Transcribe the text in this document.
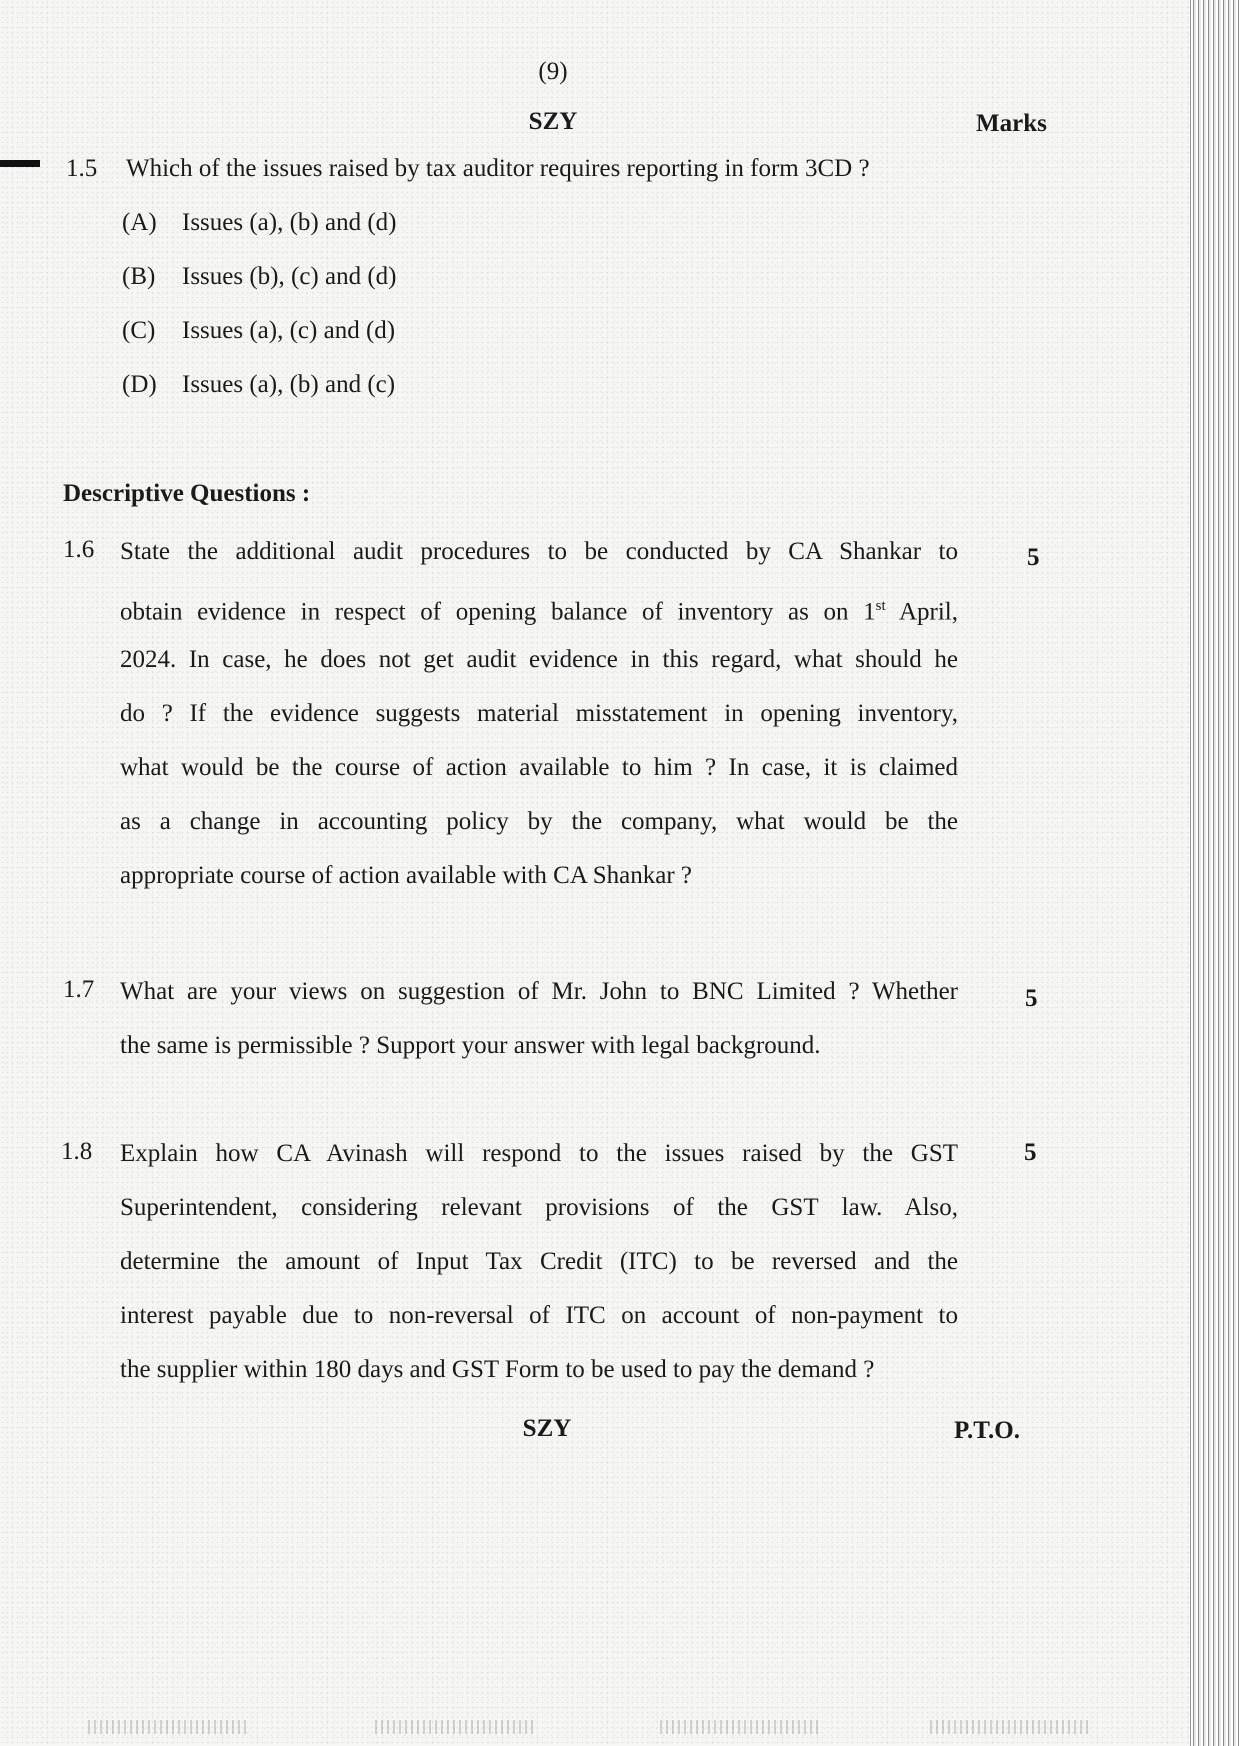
(9)
SZY	Marks
1.5 Which of the issues raised by tax auditor requires reporting in form 3CD ?
(A) Issues (a), (b) and (d)
(B) Issues (b), (c) and (d)
(C) Issues (a), (c) and (d)
(D) Issues (a), (b) and (c)
Descriptive Questions :
1.6	5
State the additional audit procedures to be conducted by CA Shankar to
obtain evidence in respect of opening balance of inventory as on 1st April,
2024. In case, he does not get audit evidence in this regard, what should he
do ? If the evidence suggests material misstatement in opening inventory,
what would be the course of action available to him ? In case, it is claimed
as a change in accounting policy by the company, what would be the
appropriate course of action available with CA Shankar ?
1.7	5
What are your views on suggestion of Mr. John to BNC Limited ? Whether
the same is permissible ? Support your answer with legal background.
1.8	5
Explain how CA Avinash will respond to the issues raised by the GST
Superintendent, considering relevant provisions of the GST law. Also,
determine the amount of Input Tax Credit (ITC) to be reversed and the
interest payable due to non-reversal of ITC on account of non-payment to
the supplier within 180 days and GST Form to be used to pay the demand ?
SZY	P.T.O.
